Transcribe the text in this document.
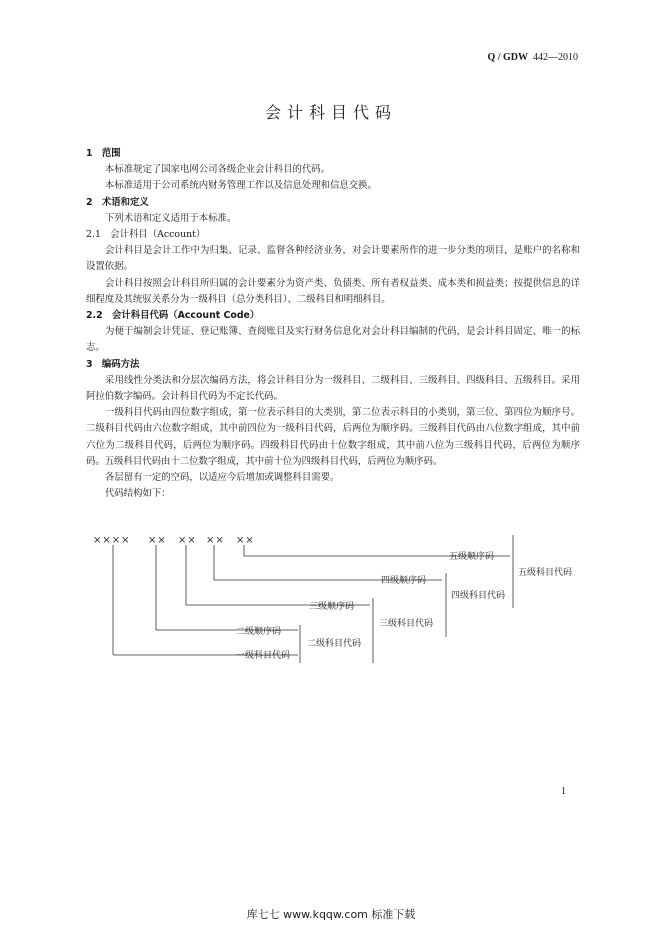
Q / GDW 442—2010
会计科目代码

1　范围

本标准规定了国家电网公司各级企业会计科目的代码。

本标准适用于公司系统内财务管理工作以及信息处理和信息交换。

2　术语和定义

下列术语和定义适用于本标准。

2.1　会计科目（Account）

会计科目是会计工作中为归集、记录、监督各种经济业务，对会计要素所作的进一步分类的项目，是账户的名称和设置依据。

会计科目按照会计科目所归属的会计要素分为资产类、负债类、所有者权益类、成本类和损益类；按提供信息的详细程度及其统驭关系分为一级科目（总分类科目）、二级科目和明细科目。

2.2　会计科目代码（Account Code）

为便于编制会计凭证、登记账簿、查阅账目及实行财务信息化对会计科目编制的代码，是会计科目固定、唯一的标志。

3　编码方法

采用线性分类法和分层次编码方法，将会计科目分为一级科目、二级科目、三级科目、四级科目、五级科目。采用阿拉伯数字编码。会计科目代码为不定长代码。

一级科目代码由四位数字组成，第一位表示科目的大类别，第二位表示科目的小类别，第三位、第四位为顺序号。二级科目代码由六位数字组成，其中前四位为一级科目代码，后两位为顺序码。三级科目代码由八位数字组成，其中前六位为二级科目代码，后两位为顺序码。四级科目代码由十位数字组成，其中前八位为三级科目代码，后两位为顺序码。五级科目代码由十二位数字组成，其中前十位为四级科目代码，后两位为顺序码。

各层留有一定的空码，以适应今后增加或调整科目需要。

代码结构如下：

×××× ×× ×× ×× ××
五级顺序码
五级科目代码
四级顺序码
四级科目代码
三级顺序码
三级科目代码
二级顺序码
二级科目代码
一级科目代码
1
库七七 www.kqqw.com 标准下载
